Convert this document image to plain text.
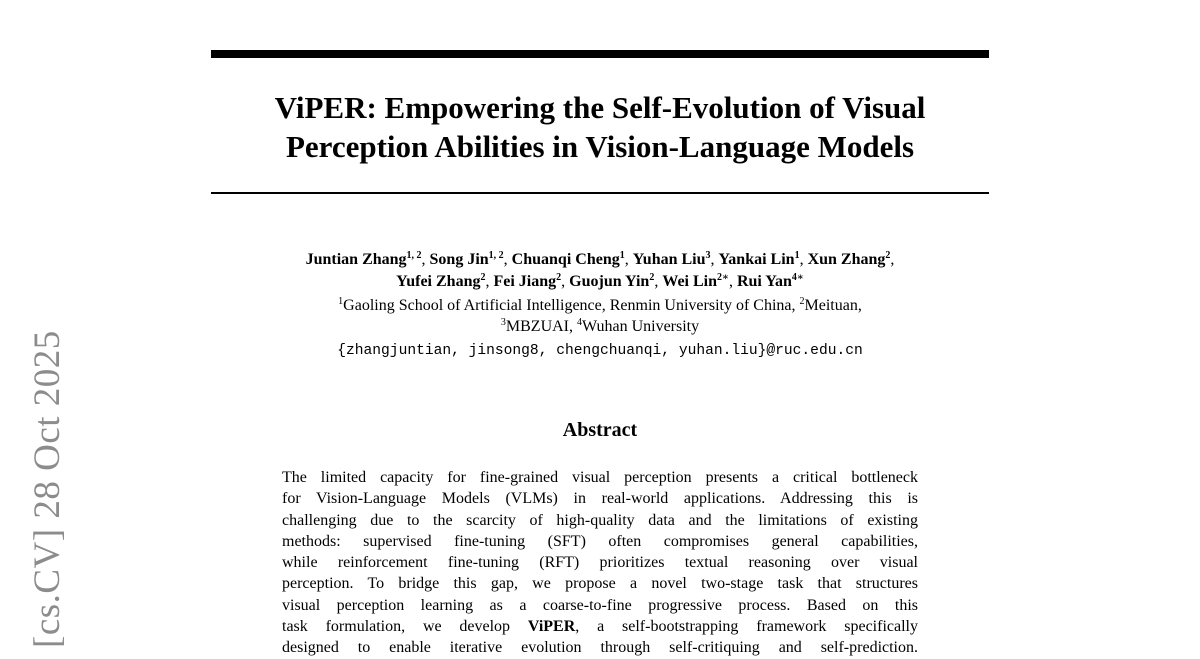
[cs.CV] 28 Oct 2025
ViPER: Empowering the Self-Evolution of Visual
Perception Abilities in Vision-Language Models
Juntian Zhang$^{1, 2}$, Song Jin$^{1, 2}$, Chuanqi Cheng$^1$, Yuhan Liu$^3$, Yankai Lin$^1$, Xun Zhang$^2$,
Yufei Zhang$^2$, Fei Jiang$^2$, Guojun Yin$^2$, Wei Lin$^{2∗}$, Rui Yan$^{4∗}$
$^1$Gaoling School of Artificial Intelligence, Renmin University of China, $^2$Meituan,
$^3$MBZUAI, $^4$Wuhan University
{zhangjuntian, jinsong8, chengchuanqi, yuhan.liu}@ruc.edu.cn
Abstract
The limited capacity for fine-grained visual perception presents a critical bottleneck
for Vision-Language Models (VLMs) in real-world applications. Addressing this is
challenging due to the scarcity of high-quality data and the limitations of existing
methods: supervised fine-tuning (SFT) often compromises general capabilities,
while reinforcement fine-tuning (RFT) prioritizes textual reasoning over visual
perception. To bridge this gap, we propose a novel two-stage task that structures
visual perception learning as a coarse-to-fine progressive process. Based on this
task formulation, we develop ViPER, a self-bootstrapping framework specifically
designed to enable iterative evolution through self-critiquing and self-prediction.
